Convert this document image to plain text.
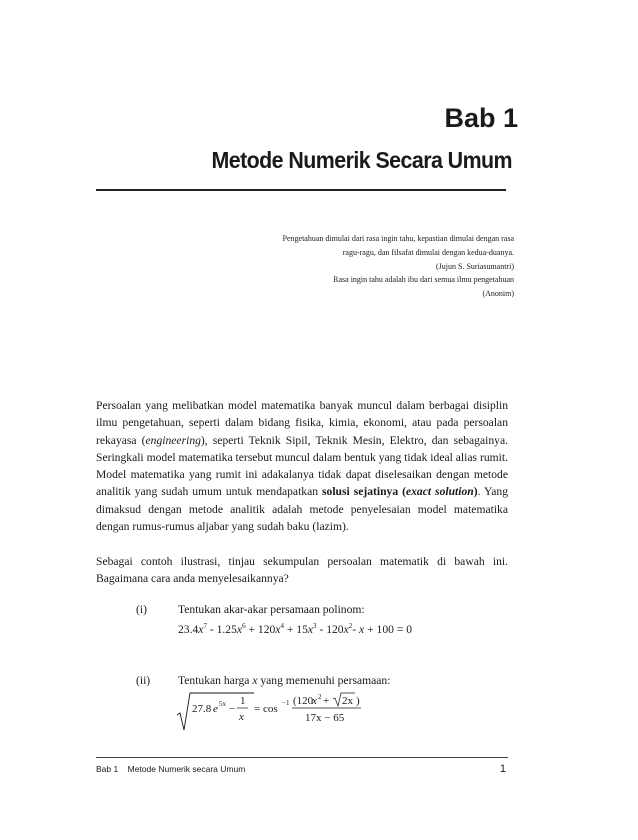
Bab 1
Metode Numerik Secara Umum
Pengetahuan dimulai dari rasa ingin tahu, kepastian dimulai dengan rasa
ragu-ragu, dan filsafat dimulai dengan kedua-duanya.
(Jujun S. Suriasumantri)
Rasa ingin tahu adalah ibu dari semua ilmu pengetahuan
(Anonim)
Persoalan yang melibatkan model matematika banyak muncul dalam berbagai disiplin ilmu pengetahuan, seperti dalam bidang fisika, kimia, ekonomi, atau pada persoalan rekayasa (engineering), seperti Teknik Sipil, Teknik Mesin, Elektro, dan sebagainya. Seringkali model matematika tersebut muncul dalam bentuk yang tidak ideal alias rumit. Model matematika yang rumit ini adakalanya tidak dapat diselesaikan dengan metode analitik yang sudah umum untuk mendapatkan solusi sejatinya (exact solution). Yang dimaksud dengan metode analitik adalah metode penyelesaian model matematika dengan rumus-rumus aljabar yang sudah baku (lazim).
Sebagai contoh ilustrasi, tinjau sekumpulan persoalan matematik di bawah ini. Bagaimana cara anda menyelesaikannya?
(i)	Tentukan akar-akar persamaan polinom:
$23.4x^7 - 1.25x^6 + 120x^4 + 15x^3 - 120x^2-$ x + 100 = 0
(ii) Tentukan harga x yang memenuhi persamaan:
27.8 e 5x −
1
x
= cos −1 (120
x 2 + 2x )
17x − 65
Bab 1    Metode Numerik secara Umum	1
